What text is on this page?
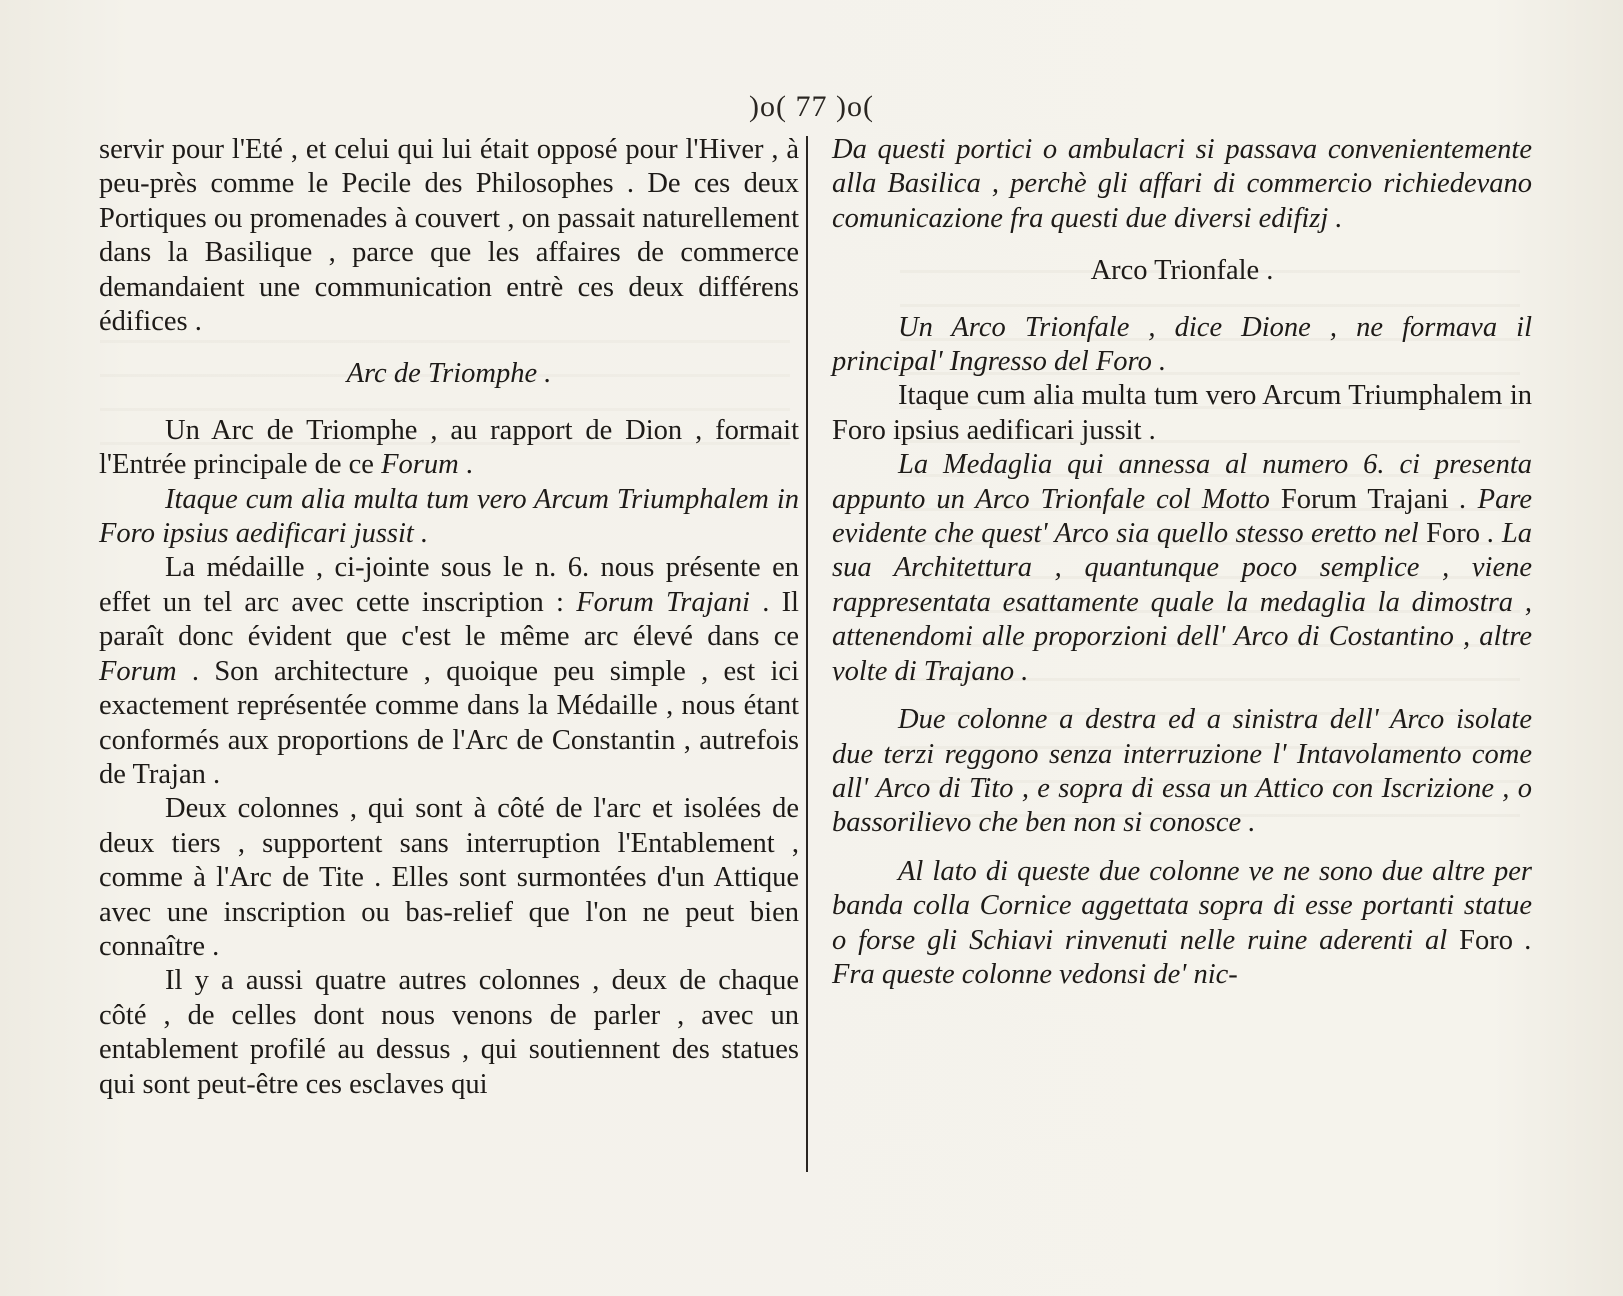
)o( 77 )o(

servir pour l'Eté , et celui qui lui était opposé pour l'Hiver , à peu-près comme le Pecile des Philosophes . De ces deux Portiques ou promenades à couvert , on passait naturellement dans la Basilique , parce que les affaires de commerce demandaient une communication entrè ces deux différens édifices .

Arc de Triomphe .

Un Arc de Triomphe , au rapport de Dion , formait l'Entrée principale de ce Forum .

Itaque cum alia multa tum vero Arcum Triumphalem in Foro ipsius aedificari jussit .

La médaille , ci-jointe sous le n. 6. nous présente en effet un tel arc avec cette inscription : Forum Trajani . Il paraît donc évident que c'est le même arc élevé dans ce Forum . Son architecture , quoique peu simple , est ici exactement représentée comme dans la Médaille , nous étant conformés aux proportions de l'Arc de Constantin , autrefois de Trajan .

Deux colonnes , qui sont à côté de l'arc et isolées de deux tiers , supportent sans interruption l'Entablement , comme à l'Arc de Tite . Elles sont surmontées d'un Attique avec une inscription ou bas-relief que l'on ne peut bien connaître .

Il y a aussi quatre autres colonnes , deux de chaque côté , de celles dont nous venons de parler , avec un entablement profilé au dessus , qui soutiennent des statues qui sont peut-être ces esclaves qui

Da questi portici o ambulacri si passava convenientemente alla Basilica , perchè gli affari di commercio richiedevano comunicazione fra questi due diversi edifizj .

Arco Trionfale .

Un Arco Trionfale , dice Dione , ne formava il principal' Ingresso del Foro .

Itaque cum alia multa tum vero Arcum Triumphalem in Foro ipsius aedificari jussit .

La Medaglia qui annessa al numero 6. ci presenta appunto un Arco Trionfale col Motto Forum Trajani . Pare evidente che quest' Arco sia quello stesso eretto nel Foro . La sua Architettura , quantunque poco semplice , viene rappresentata esattamente quale la medaglia la dimostra , attenendomi alle proporzioni dell' Arco di Costantino , altre volte di Trajano .

Due colonne a destra ed a sinistra dell' Arco isolate due terzi reggono senza interruzione l' Intavolamento come all' Arco di Tito , e sopra di essa un Attico con Iscrizione , o bassorilievo che ben non si conosce .

Al lato di queste due colonne ve ne sono due altre per banda colla Cornice aggettata sopra di esse portanti statue o forse gli Schiavi rinvenuti nelle ruine aderenti al Foro . Fra queste colonne vedonsi de' nic-
